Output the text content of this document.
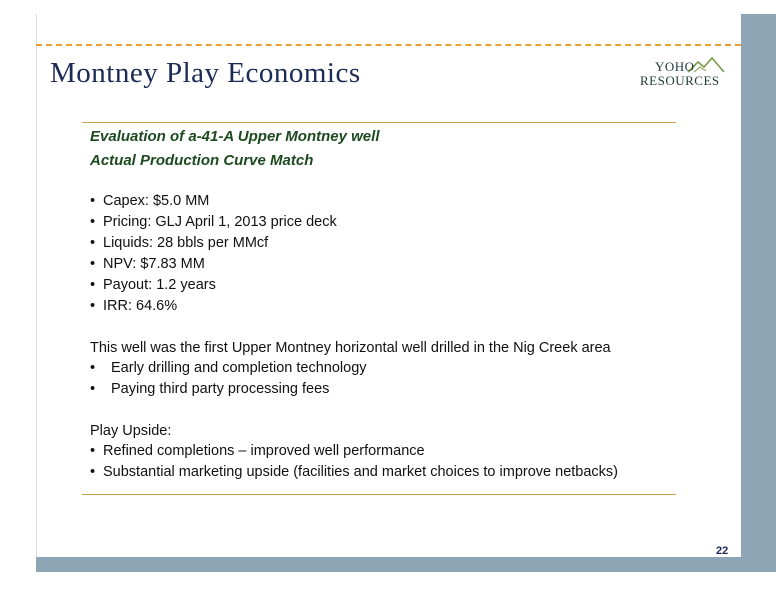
Montney Play Economics	YOHO
RESOURCES
Evaluation of a-41-A Upper Montney well
Actual Production Curve Match
• Capex: $5.0 MM
• Pricing: GLJ April 1, 2013 price deck
• Liquids: 28 bbls per MMcf
• NPV: $7.83 MM
• Payout: 1.2 years
• IRR: 64.6%
This well was the first Upper Montney horizontal well drilled in the Nig Creek area
• Early drilling and completion technology
• Paying third party processing fees
Play Upside:
• Refined completions – improved well performance
• Substantial marketing upside (facilities and market choices to improve netbacks)
22
